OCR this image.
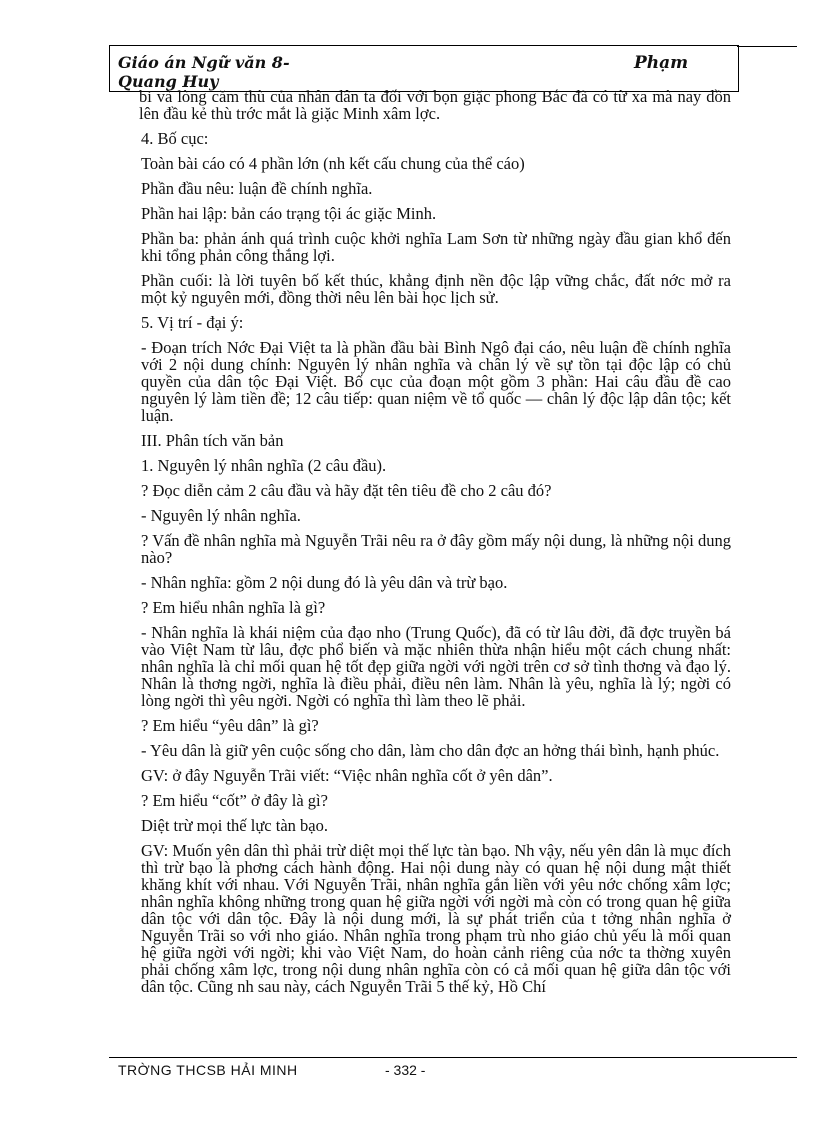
Giáo án Ngữ văn 8- Quang Huy
Phạm

bi và lòng căm thù của nhân dân ta đối với bọn giặc phong Bắc đã có từ xa mà nay dồn lên đầu kẻ thù trớc mắt là giặc Minh xâm lợc.

4. Bố cục:

Toàn bài cáo có 4 phần lớn (nh kết cấu chung của thể cáo)

Phần đầu nêu: luận đề chính nghĩa.

Phần hai lập: bản cáo trạng tội ác giặc Minh.

Phần ba: phản ánh quá trình cuộc khởi nghĩa Lam Sơn từ những ngày đầu gian khổ đến khi tổng phản công thắng lợi.

Phần cuối: là lời tuyên bố kết thúc, khẳng định nền độc lập vững chắc, đất nớc mở ra một kỷ nguyên mới, đồng thời nêu lên bài học lịch sử.

5. Vị trí - đại ý:

- Đoạn trích Nớc Đại Việt ta là phần đầu bài Bình Ngô đại cáo, nêu luận đề chính nghĩa với 2 nội dung chính: Nguyên lý nhân nghĩa và chân lý về sự tồn tại độc lập có chủ quyền của dân tộc Đại Việt. Bố cục của đoạn một gồm 3 phần: Hai câu đầu đề cao nguyên lý làm tiền đề; 12 câu tiếp: quan niệm về tổ quốc — chân lý độc lập dân tộc; kết luận.

III. Phân tích văn bản

1. Nguyên lý nhân nghĩa (2 câu đầu).

? Đọc diễn cảm 2 câu đầu và hãy đặt tên tiêu đề cho 2 câu đó?

- Nguyên lý nhân nghĩa.

? Vấn đề nhân nghĩa mà Nguyễn Trãi nêu ra ở đây gồm mấy nội dung, là những nội dung nào?

- Nhân nghĩa: gồm 2 nội dung đó là yêu dân và trừ bạo.

? Em hiểu nhân nghĩa là gì?

- Nhân nghĩa là khái niệm của đạo nho (Trung Quốc), đã có từ lâu đời, đã đợc truyền bá vào Việt Nam từ lâu, đợc phổ biến và mặc nhiên thừa nhận hiểu một cách chung nhất: nhân nghĩa là chỉ mối quan hệ tốt đẹp giữa ngời với ngời trên cơ sở tình thơng và đạo lý. Nhân là thơng ngời, nghĩa là điều phải, điều nên làm. Nhân là yêu, nghĩa là lý; ngời có lòng ngời thì yêu ngời. Ngời có nghĩa thì làm theo lẽ phải.

? Em hiểu “yêu dân” là gì?

- Yêu dân là giữ yên cuộc sống cho dân, làm cho dân đợc an hởng thái bình, hạnh phúc.

GV: ở đây Nguyễn Trãi viết: “Việc nhân nghĩa cốt ở yên dân”.

? Em hiểu “cốt” ở đây là gì?

Diệt trừ mọi thế lực tàn bạo.

GV: Muốn yên dân thì phải trừ diệt mọi thế lực tàn bạo. Nh vậy, nếu yên dân là mục đích thì trừ bạo là phơng cách hành động. Hai nội dung này có quan hệ nội dung mật thiết khăng khít với nhau. Với Nguyễn Trãi, nhân nghĩa gắn liền với yêu nớc chống xâm lợc; nhân nghĩa không những trong quan hệ giữa ngời với ngời mà còn có trong quan hệ giữa dân tộc với dân tộc. Đây là nội dung mới, là sự phát triển của t tởng nhân nghĩa ở Nguyễn Trãi so với nho giáo. Nhân nghĩa trong phạm trù nho giáo chủ yếu là mối quan hệ giữa ngời với ngời; khi vào Việt Nam, do hoàn cảnh riêng của nớc ta thờng xuyên phải chống xâm lợc, trong nội dung nhân nghĩa còn có cả mối quan hệ giữa dân tộc với dân tộc. Cũng nh sau này, cách Nguyễn Trãi 5 thế kỷ, Hồ Chí

TRỜNG THCSB HẢI MINH	- 332 -
